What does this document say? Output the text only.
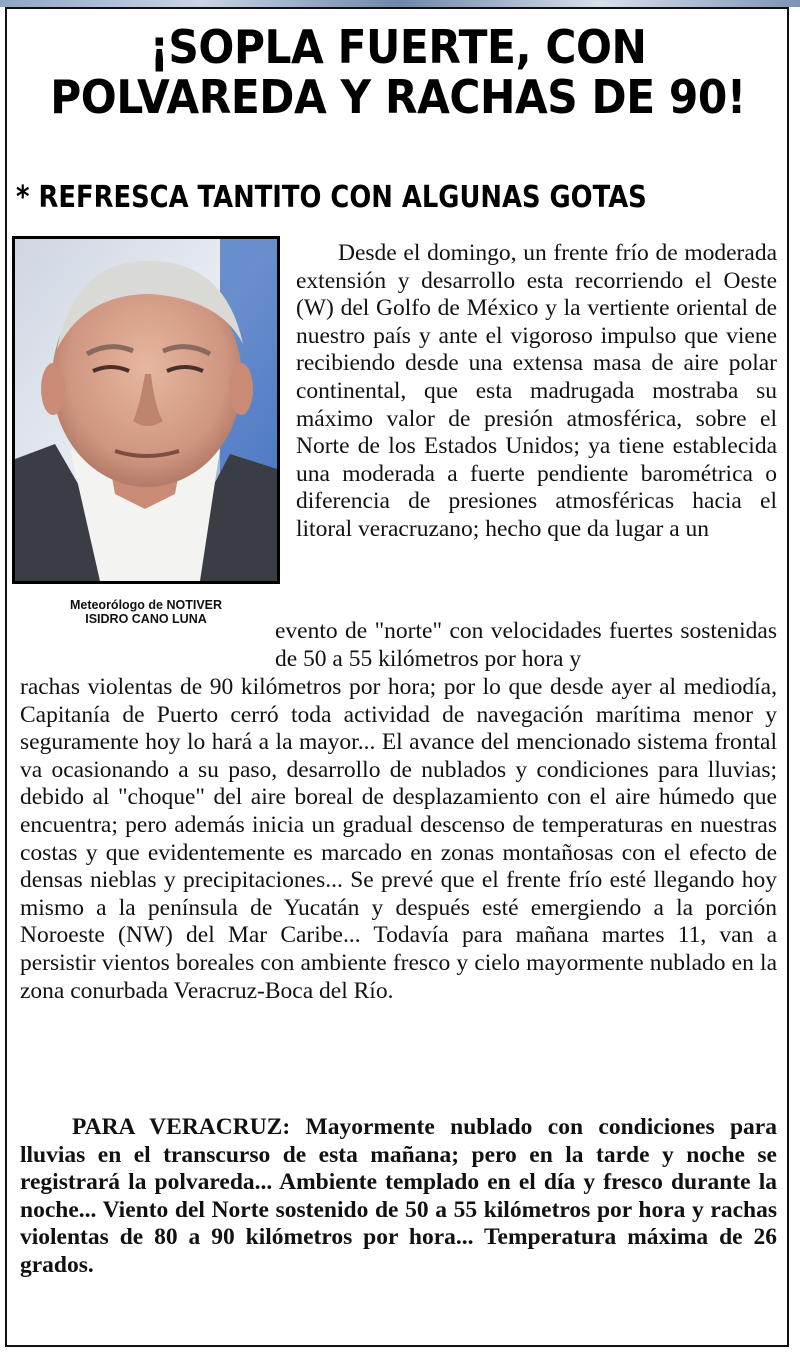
¡SOPLA FUERTE, CON POLVAREDA Y RACHAS DE 90!
* REFRESCA TANTITO CON ALGUNAS GOTAS
Meteorólogo de NOTIVER
ISIDRO CANO LUNA

Desde el domingo, un frente frío de moderada extensión y desarrollo esta recorriendo el Oeste (W) del Golfo de México y la vertiente oriental de nuestro país y ante el vigoroso impulso que viene recibiendo desde una extensa masa de aire polar continental, que esta madrugada mostraba su máximo valor de presión atmosférica, sobre el Norte de los Estados Unidos; ya tiene establecida una moderada a fuerte pendiente barométrica o diferencia de presiones atmosféricas hacia el litoral veracruzano; hecho que da lugar a un

evento de "norte" con velocidades fuertes sostenidas de 50 a 55 kilómetros por hora y

rachas violentas de 90 kilómetros por hora; por lo que desde ayer al mediodía, Capitanía de Puerto cerró toda actividad de navegación marítima menor y seguramente hoy lo hará a la mayor... El avance del mencionado sistema frontal va ocasionando a su paso, desarrollo de nublados y condiciones para lluvias; debido al "choque" del aire boreal de desplazamiento con el aire húmedo que encuentra; pero además inicia un gradual descenso de temperaturas en nuestras costas y que evidentemente es marcado en zonas montañosas con el efecto de densas nieblas y precipitaciones... Se prevé que el frente frío esté llegando hoy mismo a la península de Yucatán y después esté emergiendo a la porción Noroeste (NW) del Mar Caribe... Todavía para mañana martes 11, van a persistir vientos boreales con ambiente fresco y cielo mayormente nublado en la zona conurbada Veracruz-Boca del Río.

PARA VERACRUZ: Mayormente nublado con condiciones para lluvias en el transcurso de esta mañana; pero en la tarde y noche se registrará la polvareda... Ambiente templado en el día y fresco durante la noche... Viento del Norte sostenido de 50 a 55 kilómetros por hora y rachas violentas de 80 a 90 kilómetros por hora... Temperatura máxima de 26 grados.
